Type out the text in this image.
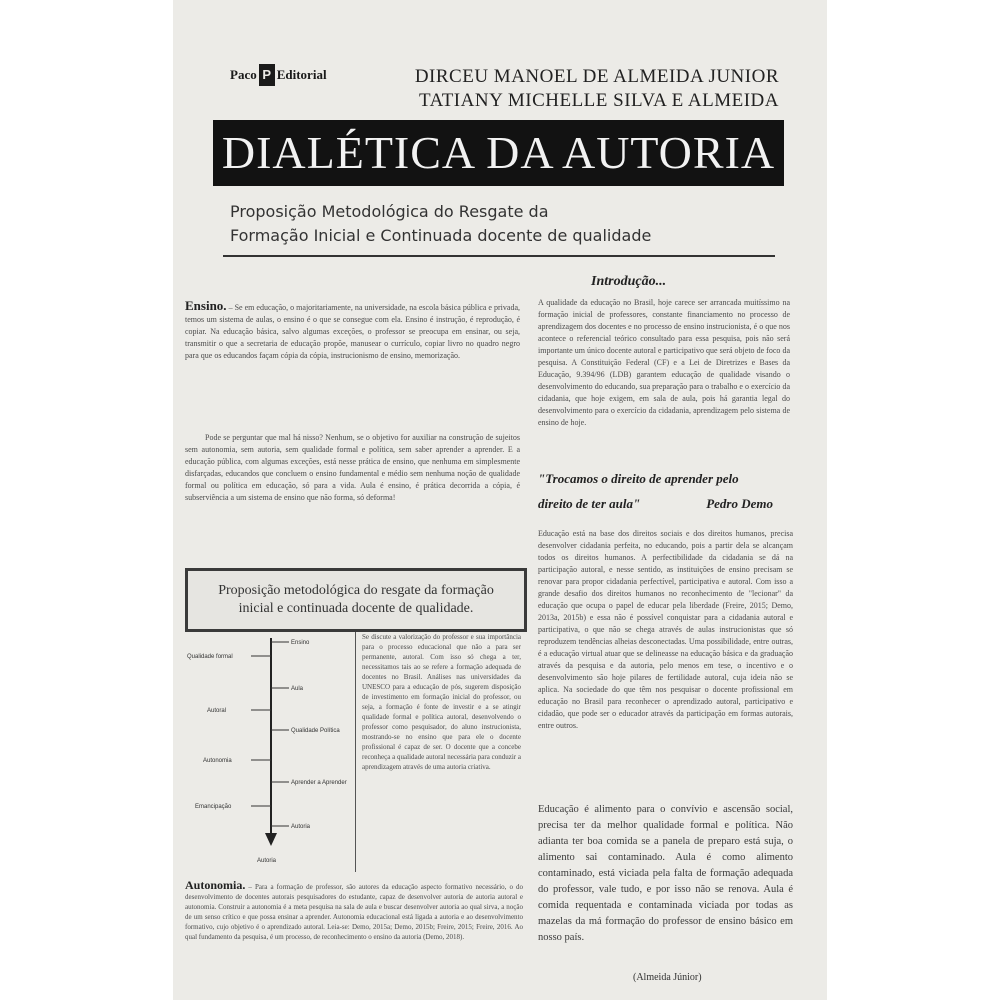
Paco P Editorial	DIRCEU MANOEL DE ALMEIDA JUNIOR
TATIANY MICHELLE SILVA E ALMEIDA
DIALÉTICA DA AUTORIA
Proposição Metodológica do Resgate da
Formação Inicial e Continuada docente de qualidade
Introdução...
A qualidade da educação no Brasil, hoje carece ser arrancada muitíssimo na formação inicial de professores, constante financiamento no processo de aprendizagem dos docentes e no processo de ensino instrucionista, é o que nos acontece o referencial teórico consultado para essa pesquisa, pois não será importante um único docente autoral e participativo que será objeto de foco da pesquisa. A Constituição Federal (CF) e a Lei de Diretrizes e Bases da Educação, 9.394/96 (LDB) garantem educação de qualidade visando o desenvolvimento do educando, sua preparação para o trabalho e o exercício da cidadania, que hoje exigem, em sala de aula, pois há garantia legal do desenvolvimento para o exercício da cidadania, aprendizagem pelo sistema de ensino de hoje.
Ensino. – Se em educação, o majoritariamente, na universidade, na escola básica pública e privada, temos um sistema de aulas, o ensino é o que se consegue com ela. Ensino é instrução, é reprodução, é copiar. Na educação básica, salvo algumas exceções, o professor se preocupa em ensinar, ou seja, transmitir o que a secretaria de educação propõe, manusear o currículo, copiar livro no quadro negro para que os educandos façam cópia da cópia, instrucionismo de ensino, memorização.
Pode se perguntar que mal há nisso? Nenhum, se o objetivo for auxiliar na construção de sujeitos sem autonomia, sem autoria, sem qualidade formal e política, sem saber aprender a aprender. E a educação pública, com algumas exceções, está nesse prática de ensino, que nenhuma em simplesmente disfarçadas, educandos que concluem o ensino fundamental e médio sem nenhuma noção de qualidade formal ou política em educação, só para a vida. Aula é ensino, é prática decorrida a cópia, é subserviência a um sistema de ensino que não forma, só deforma!
"Trocamos o direito de aprender pelo
direito de ter aula"	Pedro Demo
Educação está na base dos direitos sociais e dos direitos humanos, precisa desenvolver cidadania perfeita, no educando, pois a partir dela se alcançam todos os direitos humanos. A perfectibilidade da cidadania se dá na participação autoral, e nesse sentido, as instituições de ensino precisam se renovar para propor cidadania perfectível, participativa e autoral. Com isso a grande desafio dos direitos humanos no reconhecimento de "lecionar" da educação que ocupa o papel de educar pela liberdade (Freire, 2015; Demo, 2013a, 2015b) e essa não é possível conquistar para a cidadania autoral e participativa, o que não se chega através de aulas instrucionistas que só reproduzem tendências alheias desconectadas. Uma possibilidade, entre outras, é a educação virtual atuar que se delineasse na educação básica e da graduação através da pesquisa e da autoria, pelo menos em tese, o incentivo e o desenvolvimento são hoje pilares de fertilidade autoral, cuja ideia não se aplica. Na sociedade do que têm nos pesquisar o docente profissional em educação no Brasil para reconhecer o aprendizado autoral, participativo e cidadão, que pode ser o educador através da participação em formas autorais, entre outros.
Proposição metodológica do resgate da formação
inicial e continuada docente de qualidade.
Ensino
Aula
Qualidade Política
Aprender a Aprender
Autoria
Qualidade formal
Autoral
Autonomia
Emancipação
Autoria
Se discute a valorização do professor e sua importância para o processo educacional que não a para ser permanente, autoral. Com isso só chega a ter, necessitamos tais ao se refere a formação adequada de docentes no Brasil. Análises nas universidades da UNESCO para a educação de pós, sugerem disposição de investimento em formação inicial do professor, ou seja, a formação é fonte de investir e a se atingir qualidade formal e política autoral, desenvolvendo o professor como pesquisador, do aluno instrucionista, mostrando-se no ensino que para ele o docente profissional é capaz de ser. O docente que a concebe reconheça a qualidade autoral necessária para conduzir a aprendizagem através de uma autoria criativa.
Autonomia. – Para a formação de professor, são autores da educação aspecto formativo necessário, o do desenvolvimento de docentes autorais pesquisadores do estudante, capaz de desenvolver autoria de autoria autoral e autonomia. Construir a autonomia é a meta pesquisa na sala de aula e buscar desenvolver autoria ao qual sirva, a noção de um senso crítico e que possa ensinar a aprender. Autonomia educacional está ligada a autoria e ao desenvolvimento formativo, cujo objetivo é o aprendizado autoral. Leia-se: Demo, 2015a; Demo, 2015b; Freire, 2015; Freire, 2016. Ao qual fundamento da pesquisa, é um processo, de reconhecimento o ensino da autoria (Demo, 2018).
Educação é alimento para o convívio e ascensão social, precisa ter da melhor qualidade formal e política. Não adianta ter boa comida se a panela de preparo está suja, o alimento sai contaminado. Aula é como alimento contaminado, está viciada pela falta de formação adequada do professor, vale tudo, e por isso não se renova. Aula é comida requentada e contaminada viciada por todas as mazelas da má formação do professor de ensino básico em nosso país.
(Almeida Júnior)
